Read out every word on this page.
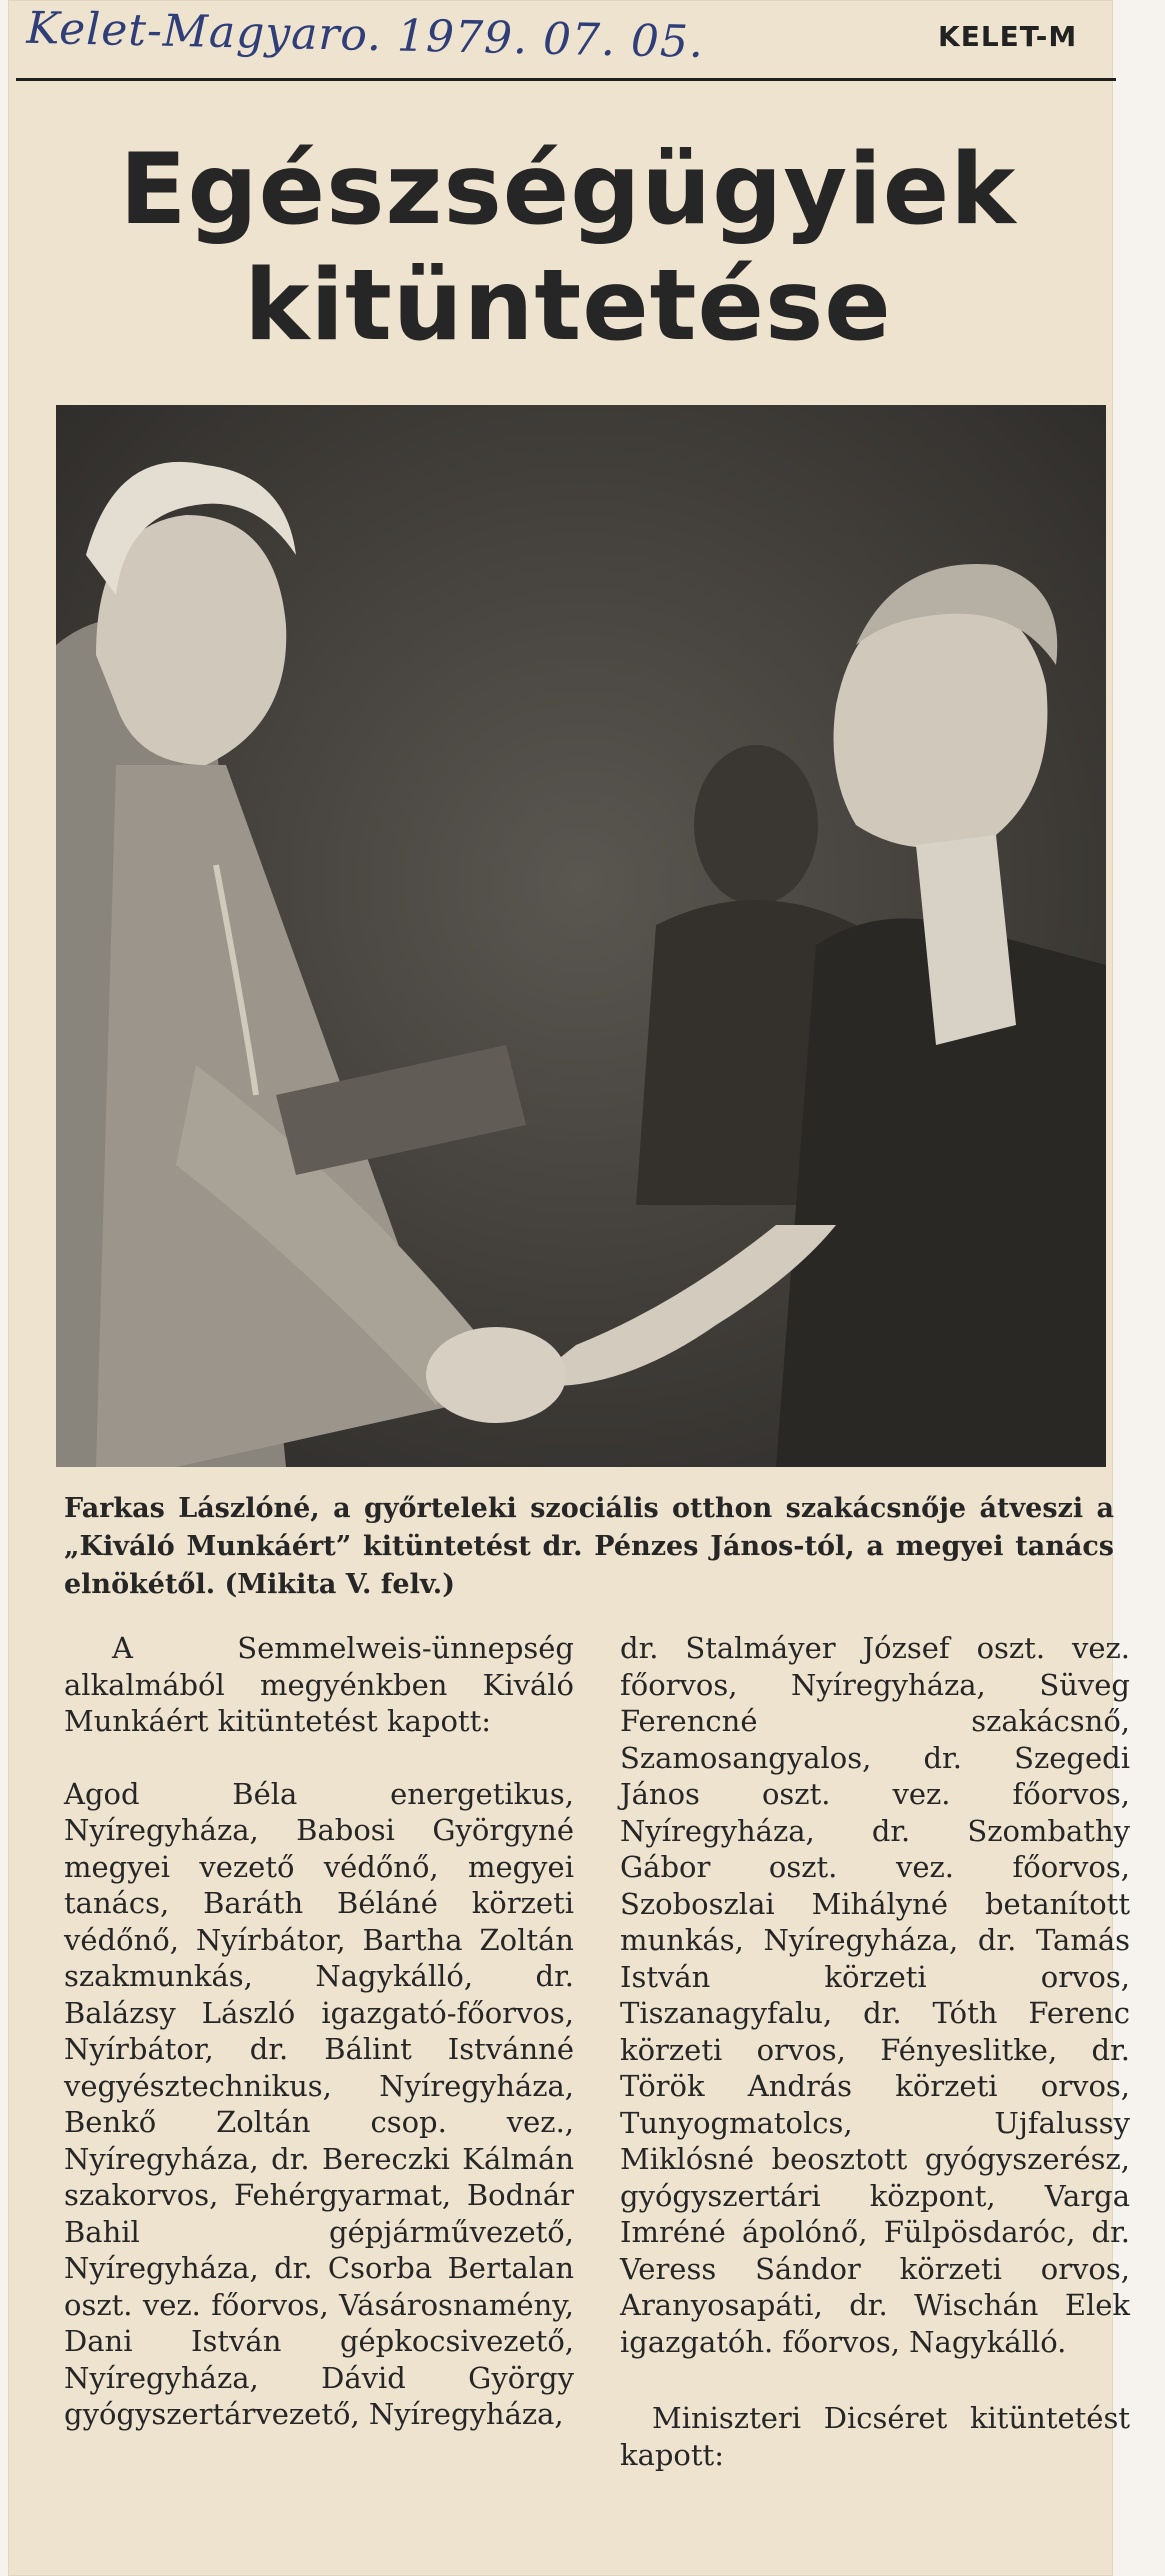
Kelet-Magyaro. 1979. 07. 05.	KELET-M
Egészségügyiek
kitüntetése
Farkas Lászlóné, a győrteleki szociális otthon szakácsnője átveszi a „Kiváló Munkáért” kitüntetést dr. Pénzes János-tól, a megyei tanács elnökétől. (Mikita V. felv.)

A Semmelweis-ünnepség alkalmából megyénkben Kiváló Munkáért kitüntetést kapott:

Agod Béla energetikus, Nyíregyháza, Babosi Györgyné megyei vezető védőnő, megyei tanács, Baráth Béláné körzeti védőnő, Nyírbátor, Bartha Zoltán szakmunkás, Nagykálló, dr. Balázsy László igazgató-főorvos, Nyírbátor, dr. Bálint Istvánné vegyésztechnikus, Nyíregyháza, Benkő Zoltán csop. vez., Nyíregyháza, dr. Bereczki Kálmán szakorvos, Fehérgyarmat, Bodnár Bahil gépjárművezető, Nyíregyháza, dr. Csorba Bertalan oszt. vez. főorvos, Vásárosnamény, Dani István gépkocsivezető, Nyíregyháza, Dávid György gyógyszertárvezető, Nyíregyháza,

dr. Stalmáyer József oszt. vez. főorvos, Nyíregyháza, Süveg Ferencné szakácsnő, Szamosangyalos, dr. Szegedi János oszt. vez. főorvos, Nyíregyháza, dr. Szombathy Gábor oszt. vez. főorvos, Szoboszlai Mihályné betanított munkás, Nyíregyháza, dr. Tamás István körzeti orvos, Tiszanagyfalu, dr. Tóth Ferenc körzeti orvos, Fényeslitke, dr. Török András körzeti orvos, Tunyogmatolcs, Ujfalussy Miklósné beosztott gyógyszerész, gyógyszertári központ, Varga Imréné ápolónő, Fülpösdaróc, dr. Veress Sándor körzeti orvos, Aranyosapáti, dr. Wischán Elek igazgatóh. főorvos, Nagykálló.

Miniszteri Dicséret kitüntetést kapott:
